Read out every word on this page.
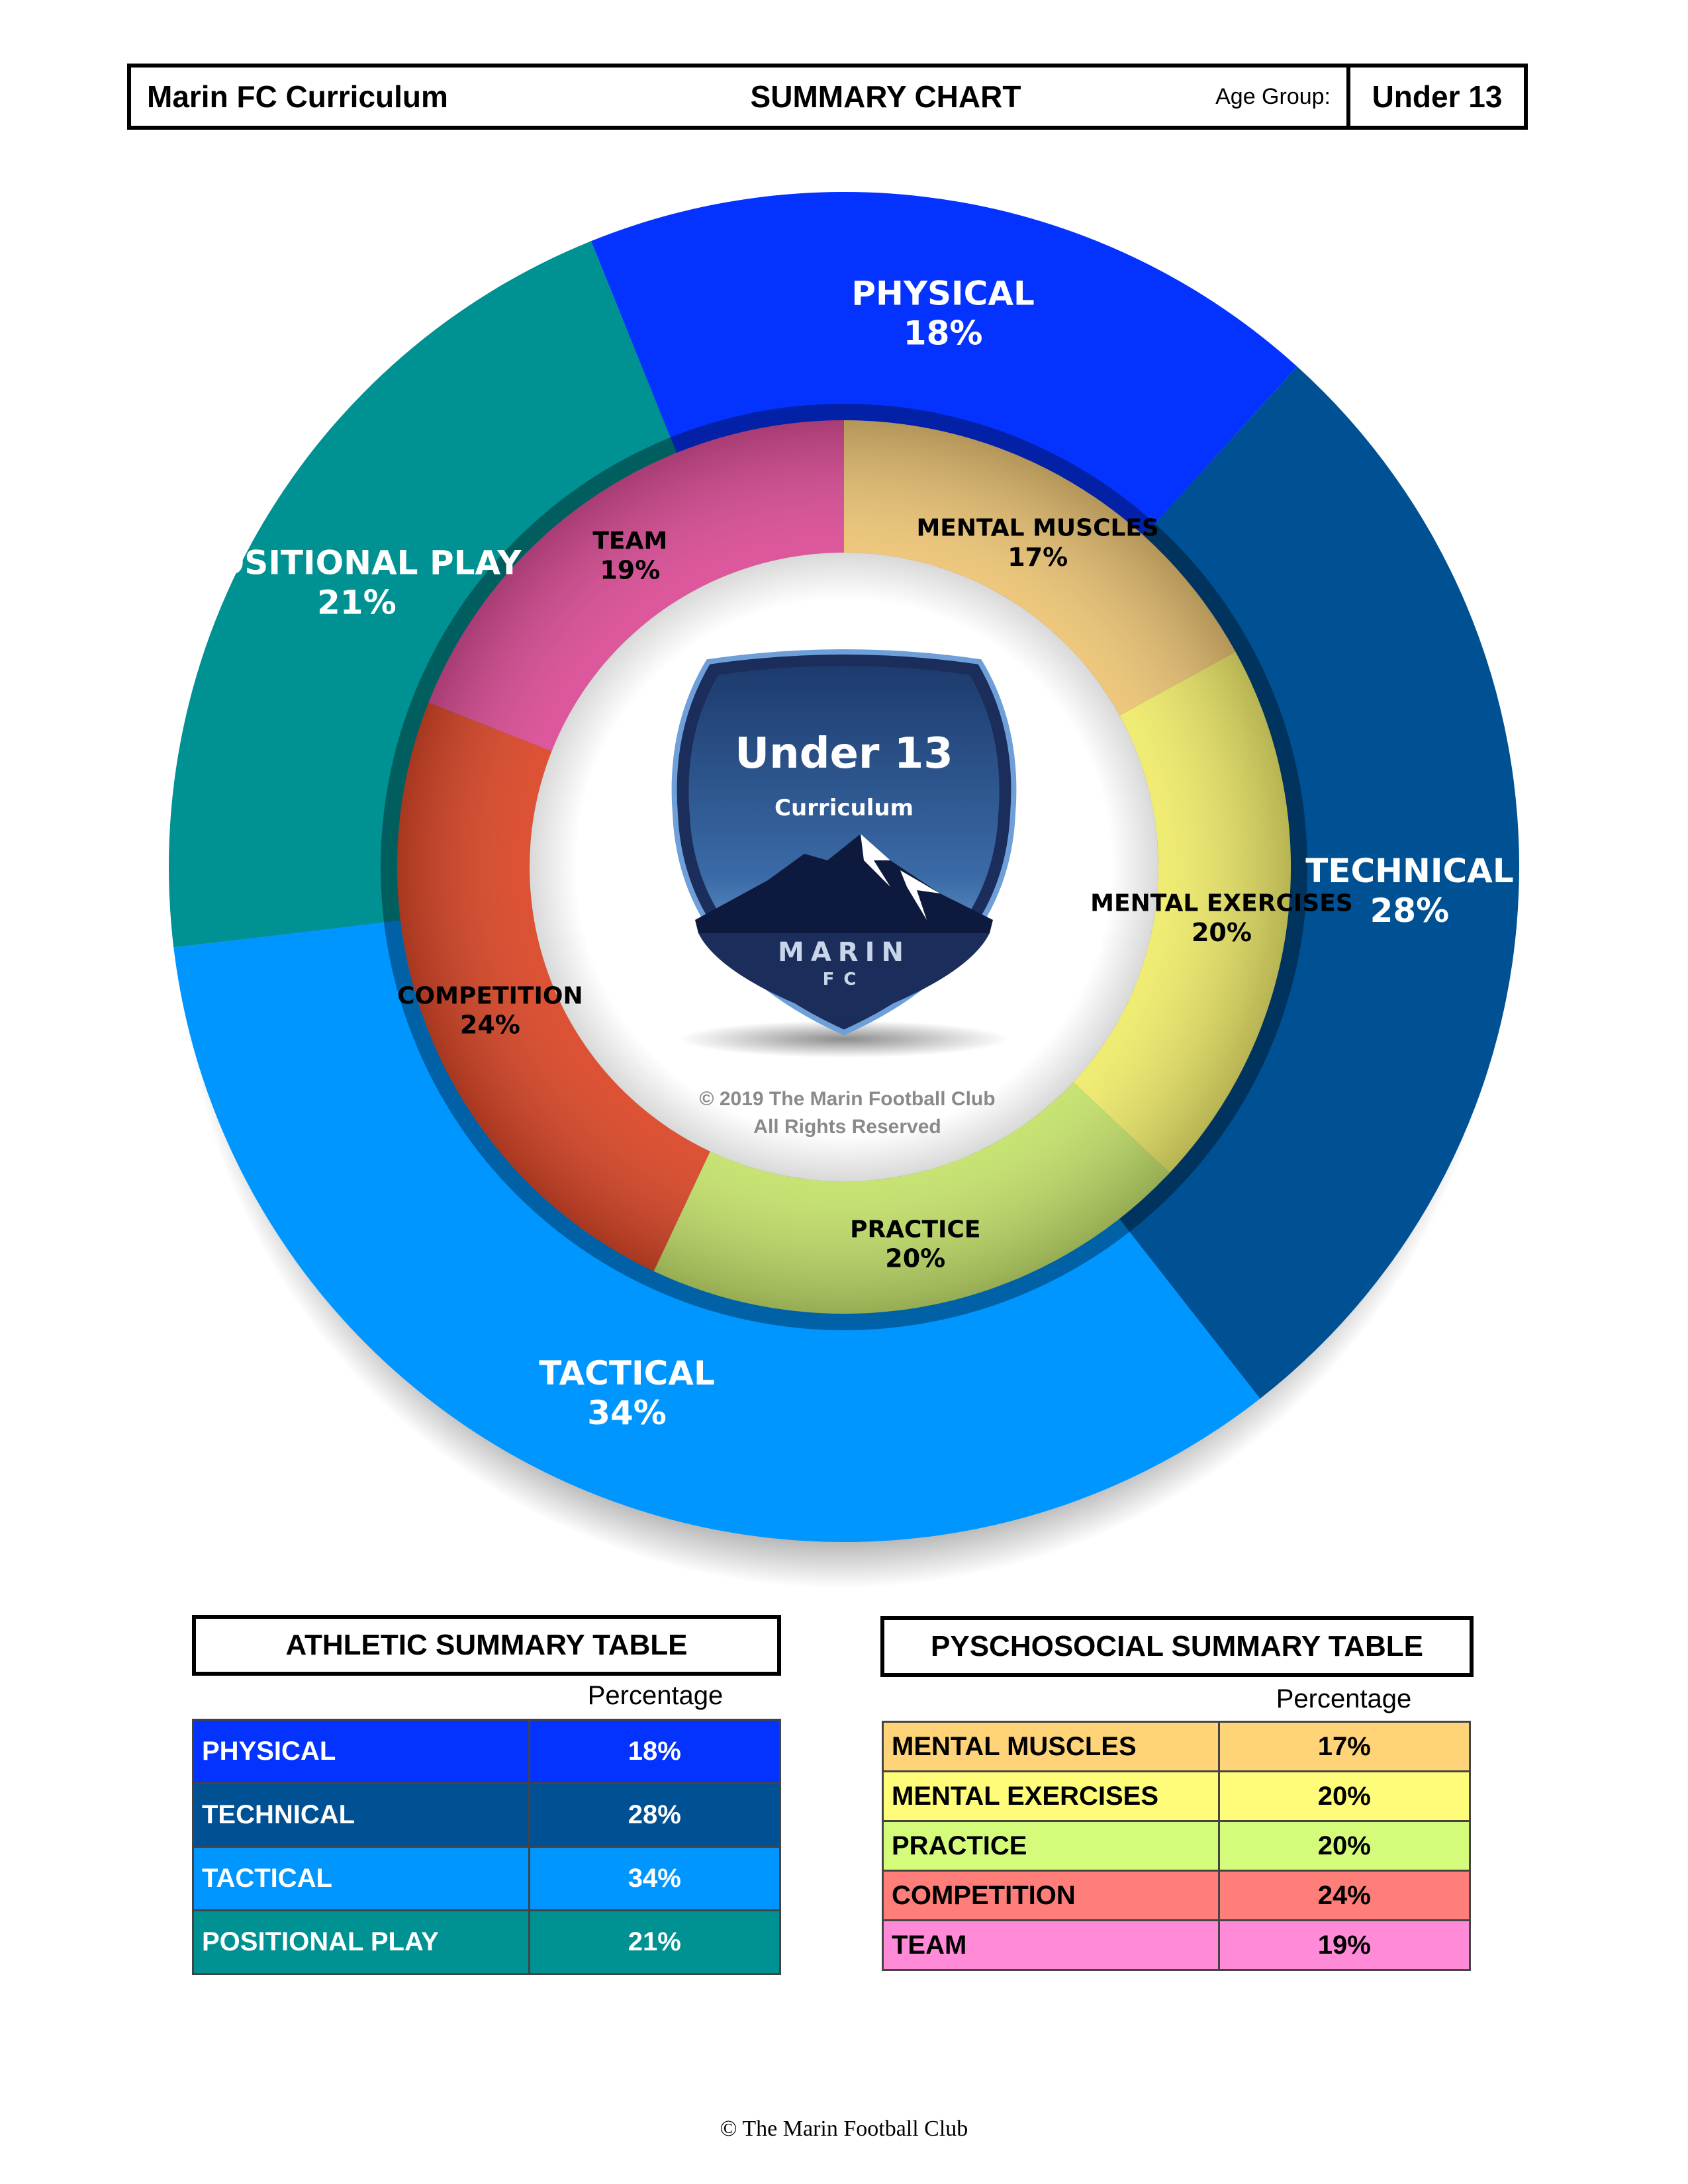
Marin FC Curriculum	SUMMARY CHART	Age Group:	Under 13
Under 13
Curriculum
MARIN
FC
© 2019 The Marin Football Club
All Rights Reserved
PHYSICAL
18%
TECHNICAL
28%
TACTICAL
34%
POSITIONAL PLAY
21%
MENTAL MUSCLES
17%
MENTAL EXERCISES
20%
PRACTICE
20%
COMPETITION
24%
TEAM
19%
ATHLETIC SUMMARY TABLE
Percentage
PHYSICAL	18%
TECHNICAL	28%
TACTICAL	34%
POSITIONAL PLAY	21%
PYSCHOSOCIAL SUMMARY TABLE
Percentage
MENTAL MUSCLES	17%
MENTAL EXERCISES	20%
PRACTICE	20%
COMPETITION	24%
TEAM	19%
© The Marin Football Club
